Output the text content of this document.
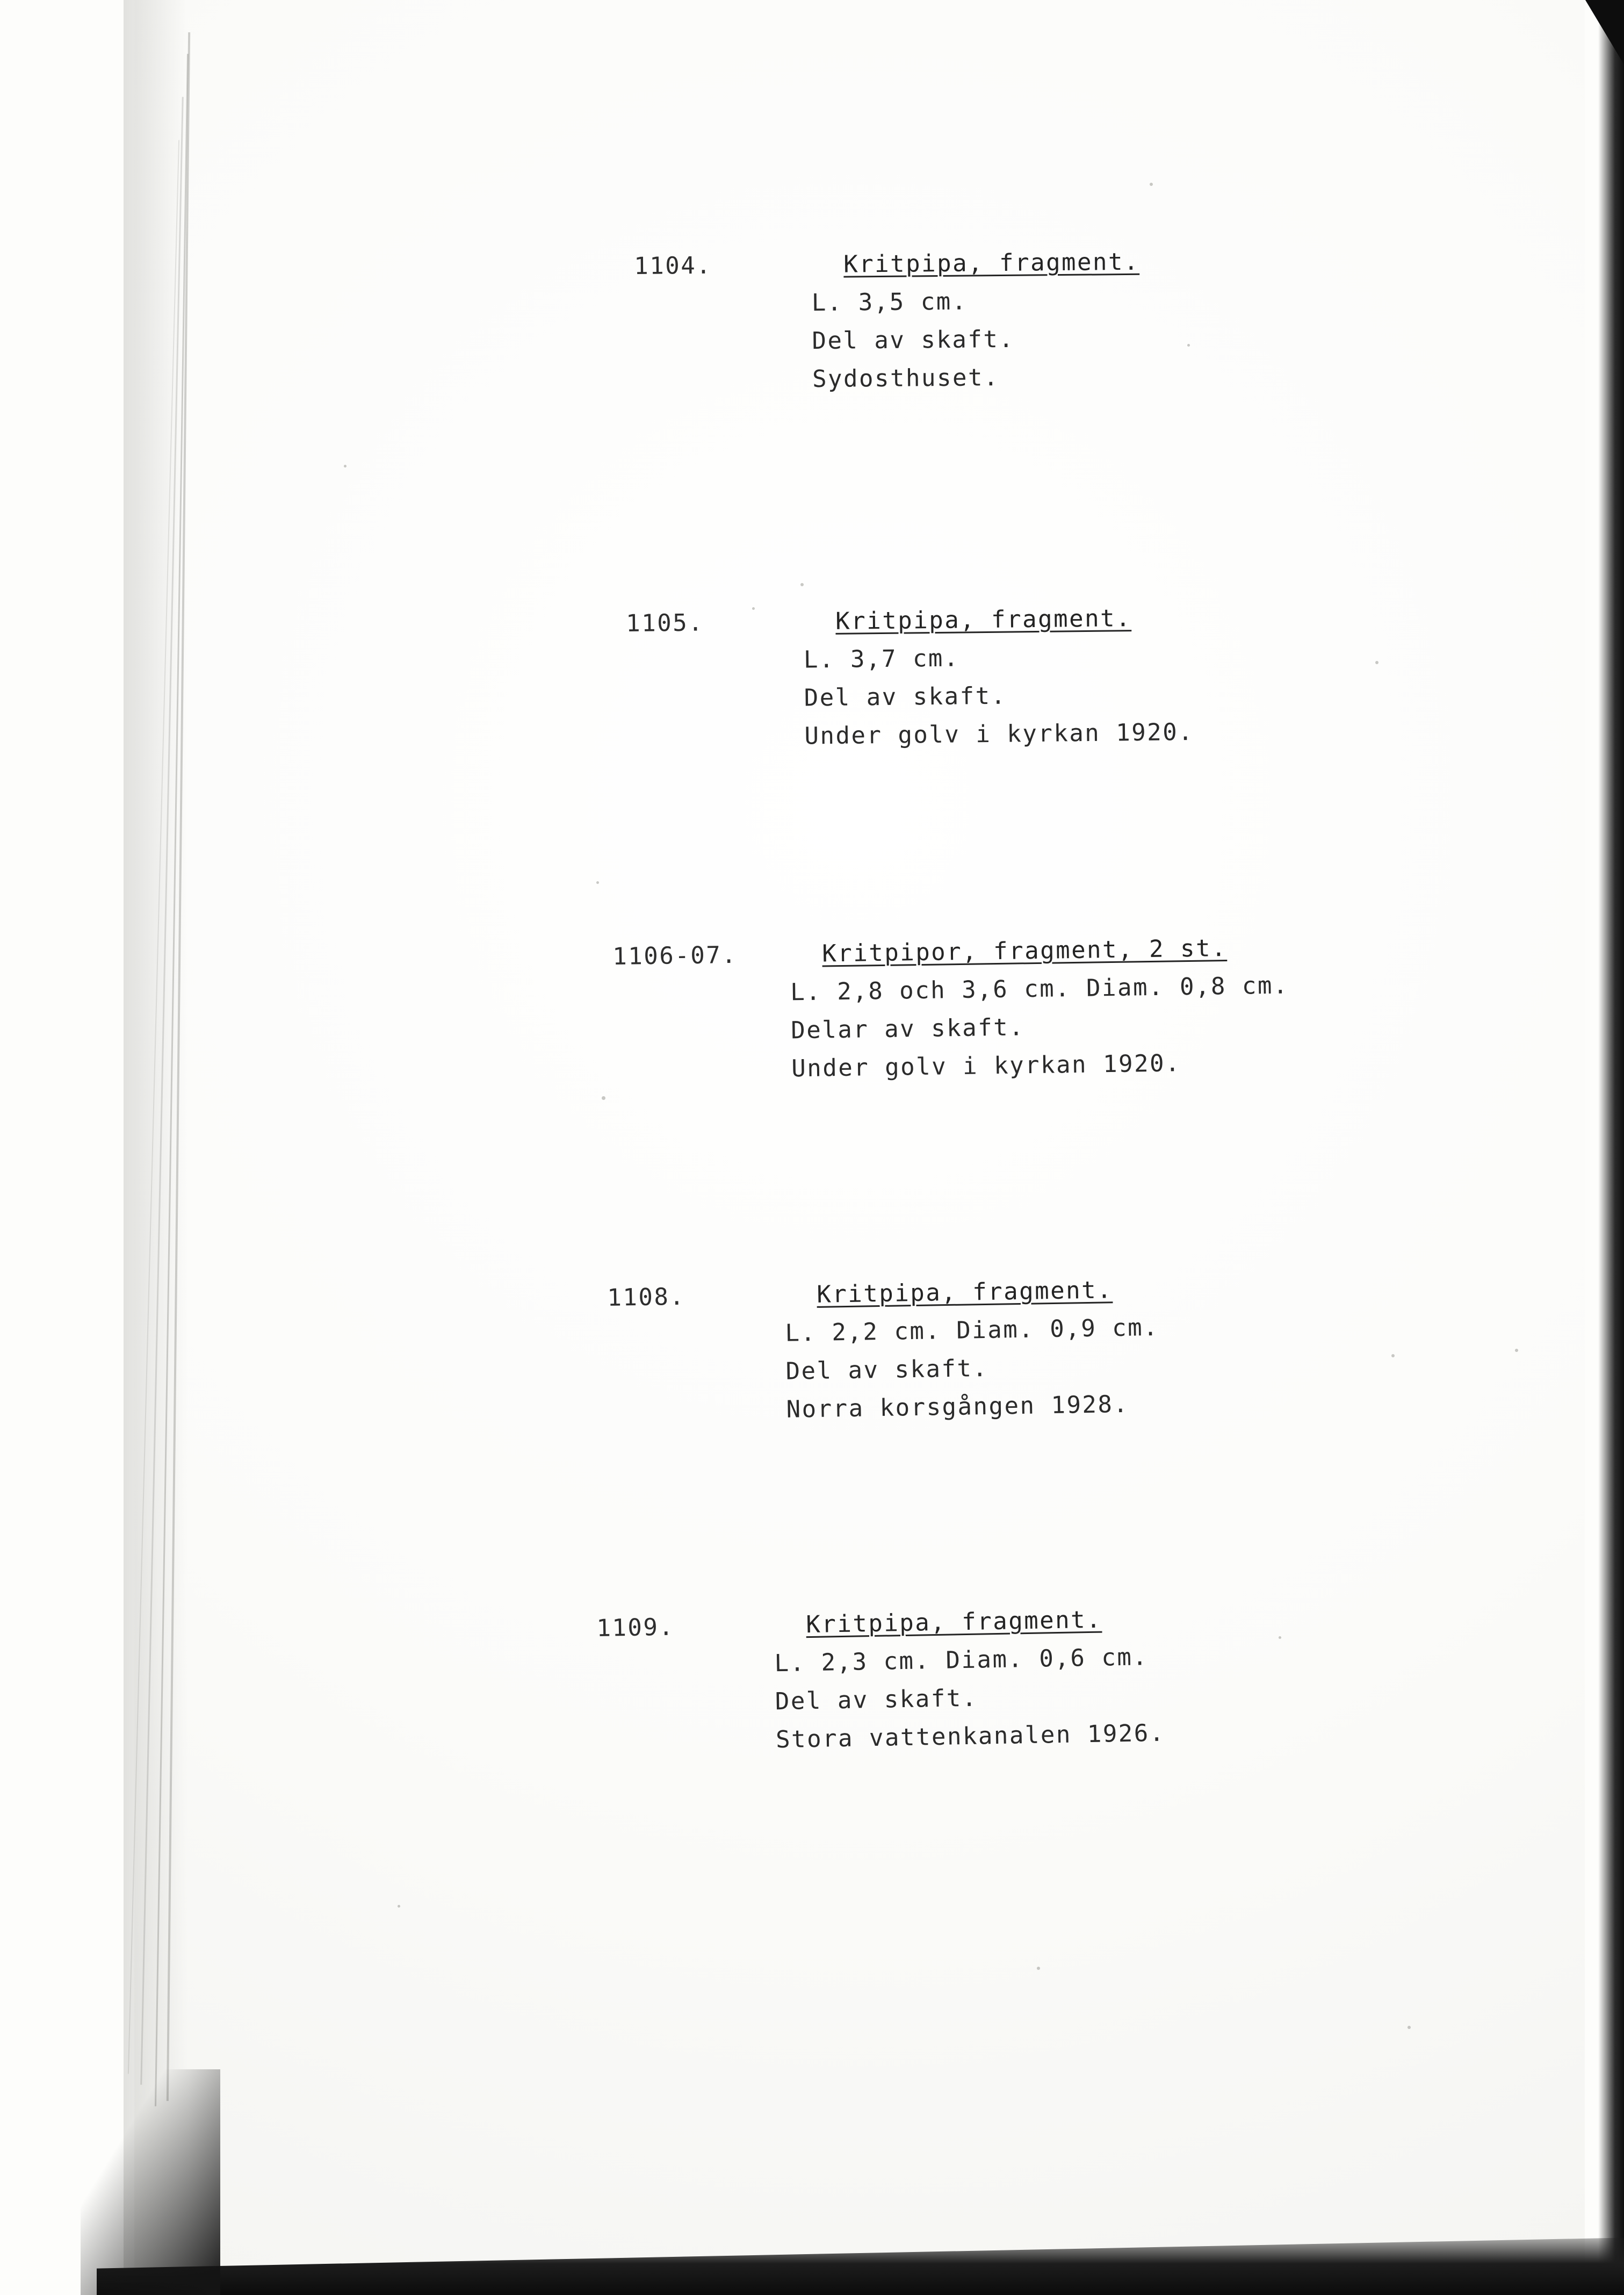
1104.	Kritpipa, fragment.
L. 3,5 cm.
Del av skaft.
Sydosthuset.
1105.	Kritpipa, fragment.
L. 3,7 cm.
Del av skaft.
Under golv i kyrkan 1920.
1106-07.	Kritpipor, fragment, 2 st.
L. 2,8 och 3,6 cm. Diam. 0,8 cm.
Delar av skaft.
Under golv i kyrkan 1920.
1108.	Kritpipa, fragment.
L. 2,2 cm. Diam. 0,9 cm.
Del av skaft.
Norra korsgången 1928.
1109.	Kritpipa, fragment.
L. 2,3 cm. Diam. 0,6 cm.
Del av skaft.
Stora vattenkanalen 1926.
